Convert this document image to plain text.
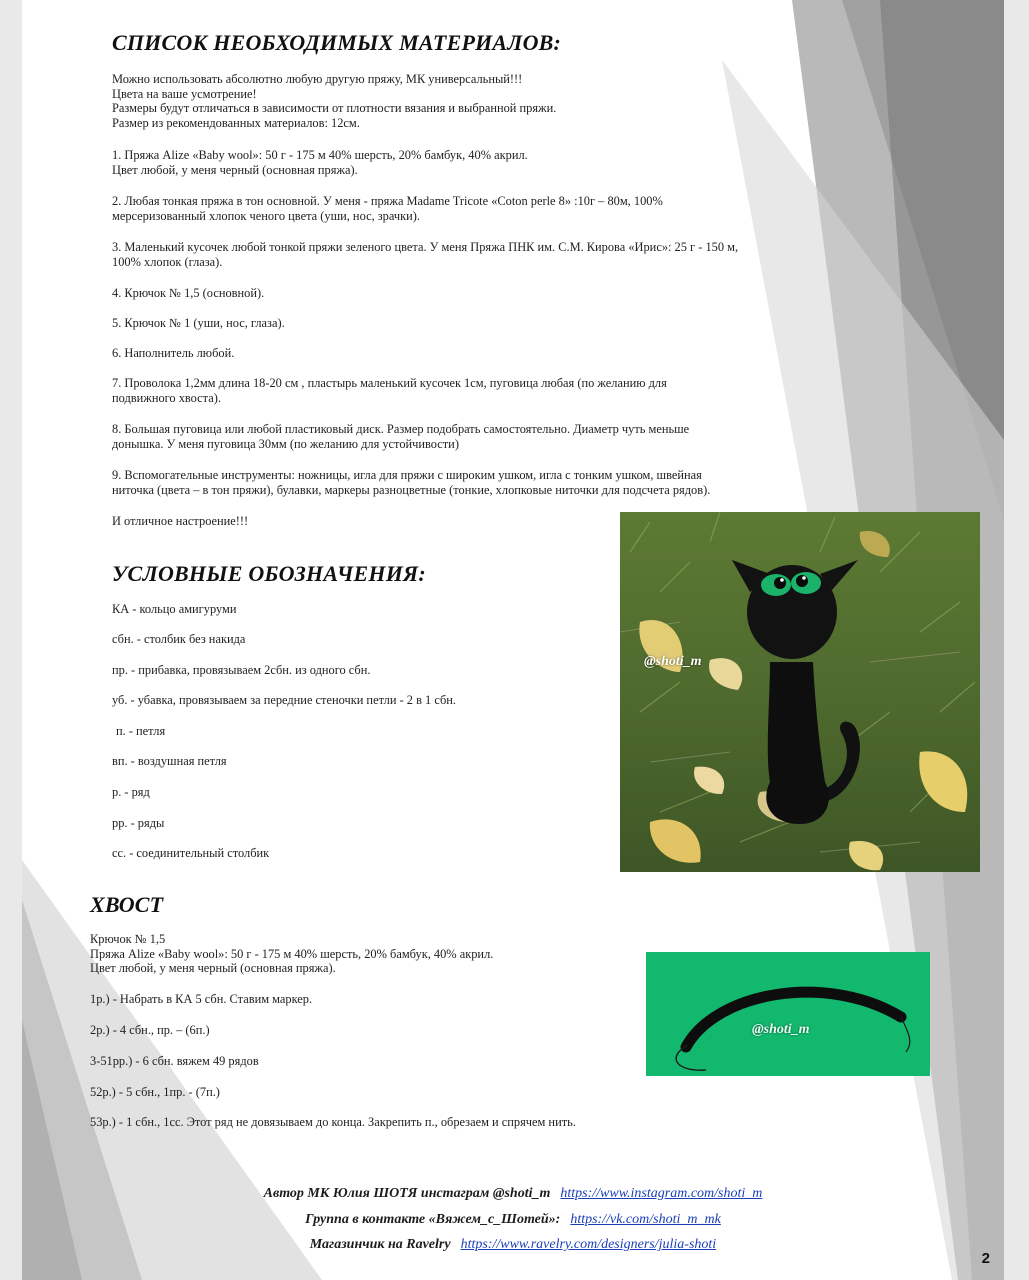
СПИСОК НЕОБХОДИМЫХ МАТЕРИАЛОВ:

Можно использовать абсолютно любую другую пряжу, МК универсальный!!!

Цвета на ваше усмотрение!

Размеры будут отличаться в зависимости от плотности вязания и выбранной пряжи.

Размер из рекомендованных материалов: 12см.

1. Пряжа Alize «Baby wool»: 50 г - 175 м 40% шерсть, 20% бамбук, 40% акрил.

Цвет любой, у меня черный (основная пряжа).

2. Любая тонкая пряжа в тон основной. У меня - пряжа Madame Tricote «Coton perle 8» :10г – 80м, 100%

мерсеризованный хлопок ченого цвета (уши, нос, зрачки).

3. Маленький кусочек любой тонкой пряжи зеленого цвета. У меня Пряжа ПНК им. С.М. Кирова «Ирис»: 25 г - 150 м,

100% хлопок (глаза).

4. Крючок № 1,5 (основной).

5. Крючок № 1 (уши, нос, глаза).

6. Наполнитель любой.

7. Проволока 1,2мм длина 18-20 см , пластырь маленький кусочек 1см, пуговица любая (по желанию для

подвижного хвоста).

8. Большая пуговица или любой пластиковый диск. Размер подобрать самостоятельно. Диаметр чуть меньше

донышка. У меня пуговица 30мм (по желанию для устойчивости)

9. Вспомогательные инструменты: ножницы, игла для пряжи с широким ушком, игла с тонким ушком, швейная

ниточка (цвета – в тон пряжи), булавки, маркеры разноцветные (тонкие, хлопковые ниточки для подсчета рядов).

И отличное настроение!!!
@shoti_m
УСЛОВНЫЕ ОБОЗНАЧЕНИЯ:
КА - кольцо амигуруми
сбн. - столбик без накида
пр. - прибавка, провязываем 2сбн. из одного сбн.
уб. - убавка, провязываем за передние стеночки петли - 2 в 1 сбн.
п. - петля
вп. - воздушная петля
р. - ряд
рр. - ряды
сс. - соединительный столбик
ХВОСТ

Крючок № 1,5

Пряжа Alize «Baby wool»: 50 г - 175 м 40% шерсть, 20% бамбук, 40% акрил.

Цвет любой, у меня черный (основная пряжа).

1р.) - Набрать в КА 5 сбн. Ставим маркер.
2р.) - 4 сбн., пр. – (6п.)
3-51рр.) - 6 сбн. вяжем 49 рядов
52р.) - 5 сбн., 1пр. - (7п.)
53р.) - 1 сбн., 1сс. Этот ряд не довязываем до конца. Закрепить п., обрезаем и спрячем нить.
@shoti_m
Автор МК Юлия ШОТЯ инстаграм @shoti_m https://www.instagram.com/shoti_m
Группа в контакте «Вяжем_с_Шотей»: https://vk.com/shoti_m_mk
Магазинчик на Ravelry https://www.ravelry.com/designers/julia-shoti
2
